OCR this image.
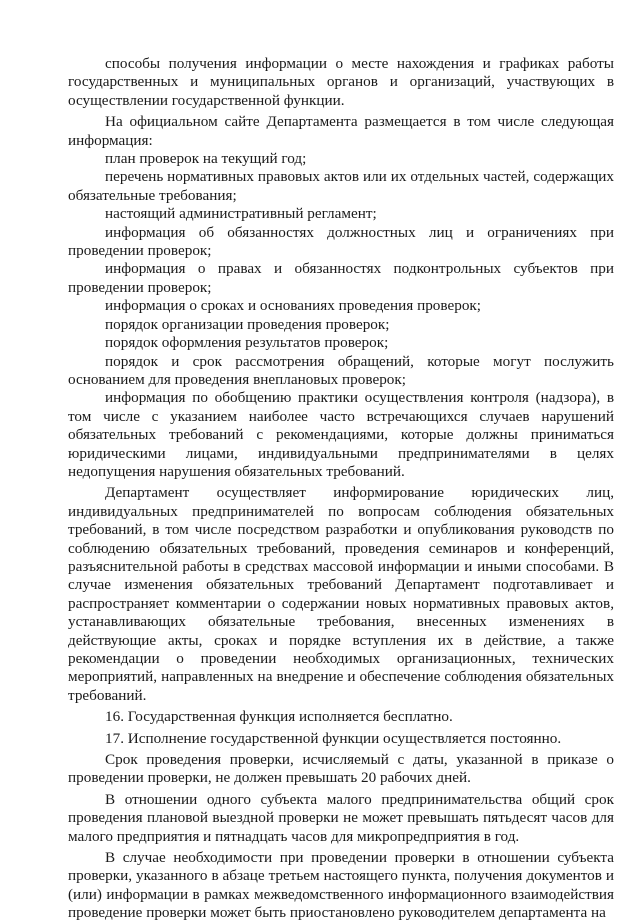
способы получения информации о месте нахождения и графиках работы государственных и муниципальных органов и организаций, участвующих в осуществлении государственной функции.

На официальном сайте Департамента размещается в том числе следующая информация:

план проверок на текущий год;

перечень нормативных правовых актов или их отдельных частей, содержащих обязательные требования;

настоящий административный регламент;

информация об обязанностях должностных лиц и ограничениях при проведении проверок;

информация о правах и обязанностях подконтрольных субъектов при проведении проверок;

информация о сроках и основаниях проведения проверок;

порядок организации проведения проверок;

порядок оформления результатов проверок;

порядок и срок рассмотрения обращений, которые могут послужить основанием для проведения внеплановых проверок;

информация по обобщению практики осуществления контроля (надзора), в том числе с указанием наиболее часто встречающихся случаев нарушений обязательных требований с рекомендациями, которые должны приниматься юридическими лицами, индивидуальными предпринимателями в целях недопущения нарушения обязательных требований.

Департамент осуществляет информирование юридических лиц, индивидуальных предпринимателей по вопросам соблюдения обязательных требований, в том числе посредством разработки и опубликования руководств по соблюдению обязательных требований, проведения семинаров и конференций, разъяснительной работы в средствах массовой информации и иными способами. В случае изменения обязательных требований Департамент подготавливает и распространяет комментарии о содержании новых нормативных правовых актов, устанавливающих обязательные требования, внесенных изменениях в действующие акты, сроках и порядке вступления их в действие, а также рекомендации о проведении необходимых организационных, технических мероприятий, направленных на внедрение и обеспечение соблюдения обязательных требований.

16. Государственная функция исполняется бесплатно.

17. Исполнение государственной функции осуществляется постоянно.

Срок проведения проверки, исчисляемый с даты, указанной в приказе о проведении проверки, не должен превышать 20 рабочих дней.

В отношении одного субъекта малого предпринимательства общий срок проведения плановой выездной проверки не может превышать пятьдесят часов для малого предприятия и пятнадцать часов для микропредприятия в год.

В случае необходимости при проведении проверки в отношении субъекта проверки, указанного в абзаце третьем настоящего пункта, получения документов и (или) информации в рамках межведомственного информационного взаимодействия проведение проверки может быть приостановлено руководителем департамента на
